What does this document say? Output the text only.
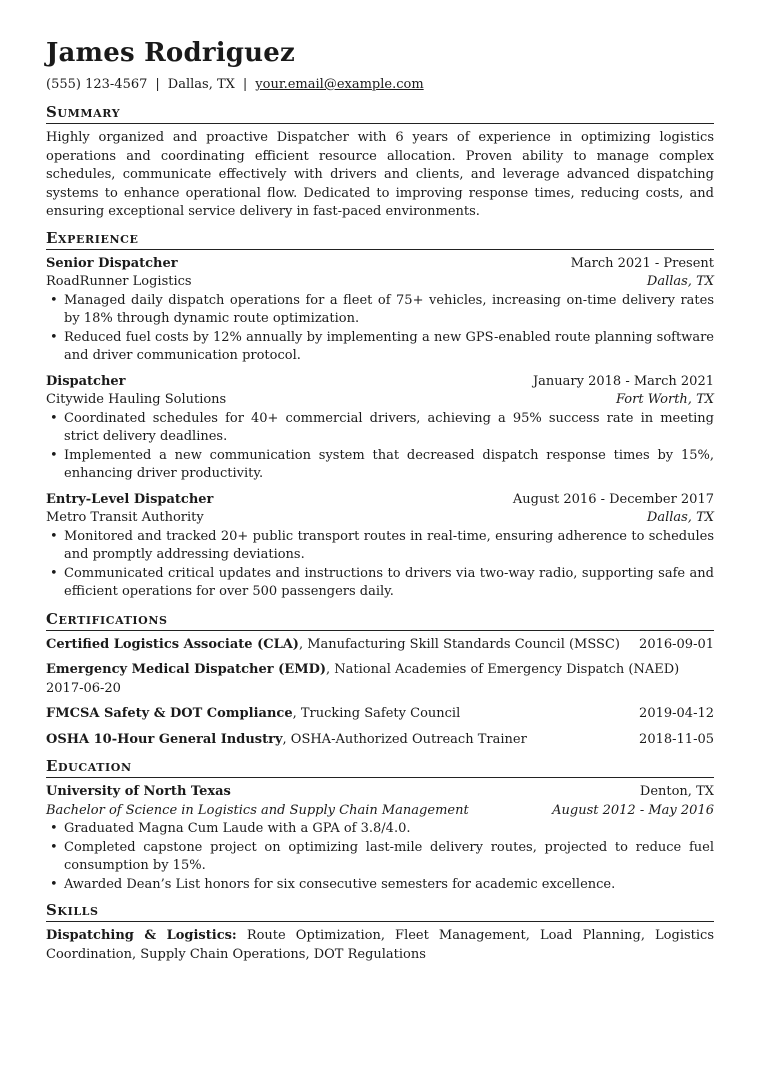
James Rodriguez
(555) 123-4567 | Dallas, TX | your.email@example.com
Summary

Highly organized and proactive Dispatcher with 6 years of experience in optimizing logistics operations and coordinating efficient resource allocation. Proven ability to manage complex schedules, communicate effectively with drivers and clients, and leverage advanced dispatching systems to enhance operational flow. Dedicated to improving response times, reducing costs, and ensuring exceptional service delivery in fast-paced environments.

Experience
Senior Dispatcher	March 2021 - Present
RoadRunner Logistics	Dallas, TX
• Managed daily dispatch operations for a fleet of 75+ vehicles, increasing on-time delivery rates by 18% through dynamic route optimization.
• Reduced fuel costs by 12% annually by implementing a new GPS-enabled route planning software and driver communication protocol.
Dispatcher	January 2018 - March 2021
Citywide Hauling Solutions	Fort Worth, TX
• Coordinated schedules for 40+ commercial drivers, achieving a 95% success rate in meeting strict delivery deadlines.
• Implemented a new communication system that decreased dispatch response times by 15%, enhancing driver productivity.
Entry-Level Dispatcher	August 2016 - December 2017
Metro Transit Authority	Dallas, TX
• Monitored and tracked 20+ public transport routes in real-time, ensuring adherence to schedules and promptly addressing deviations.
• Communicated critical updates and instructions to drivers via two-way radio, supporting safe and efficient operations for over 500 passengers daily.
Certifications
Certified Logistics Associate (CLA), Manufacturing Skill Standards Council (MSSC)	2016-09-01
Emergency Medical Dispatcher (EMD), National Academies of Emergency Dispatch (NAED)
2017-06-20
FMCSA Safety & DOT Compliance, Trucking Safety Council	2019-04-12
OSHA 10-Hour General Industry, OSHA-Authorized Outreach Trainer	2018-11-05
Education
University of North Texas	Denton, TX
Bachelor of Science in Logistics and Supply Chain Management	August 2012 - May 2016
• Graduated Magna Cum Laude with a GPA of 3.8/4.0.
• Completed capstone project on optimizing last-mile delivery routes, projected to reduce fuel consumption by 15%.
• Awarded Dean’s List honors for six consecutive semesters for academic excellence.
Skills

Dispatching & Logistics: Route Optimization, Fleet Management, Load Planning, Logistics Coordination, Supply Chain Operations, DOT Regulations
